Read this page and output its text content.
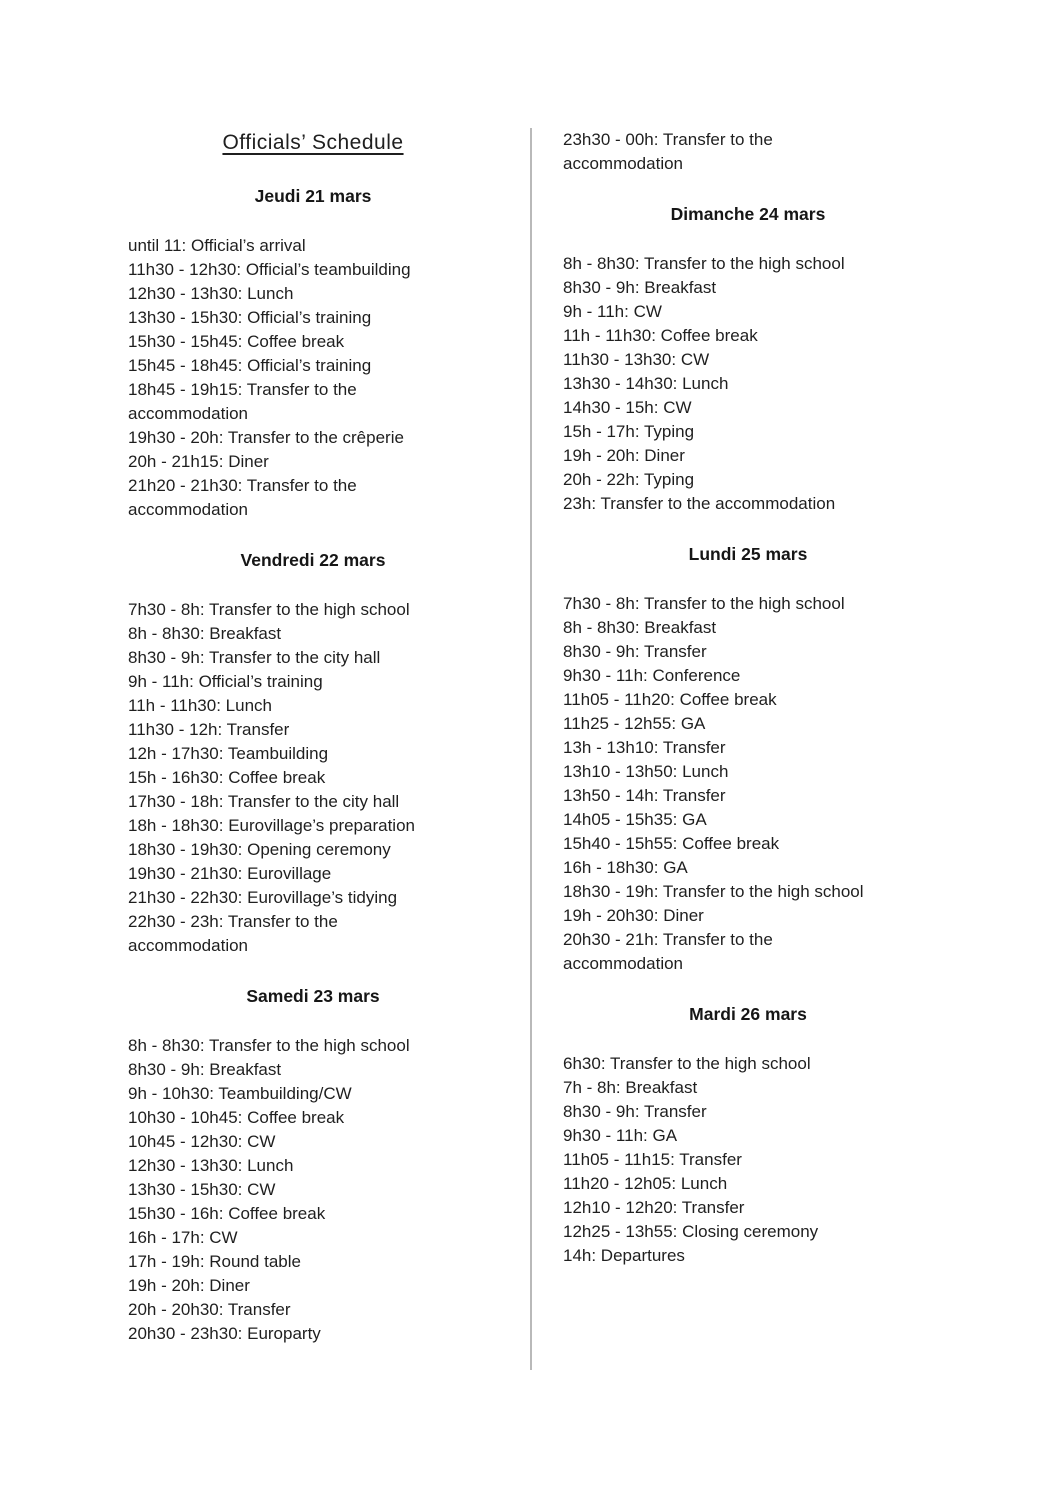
Officials’ Schedule
Jeudi 21 mars
until 11: Official’s arrival
11h30 - 12h30: Official’s teambuilding
12h30 - 13h30: Lunch
13h30 - 15h30: Official’s training
15h30 - 15h45: Coffee break
15h45 - 18h45: Official’s training
18h45 - 19h15: Transfer to the accommodation
19h30 - 20h: Transfer to the crêperie
20h - 21h15: Diner
21h20 - 21h30: Transfer to the accommodation
Vendredi 22 mars
7h30 - 8h: Transfer to the high school
8h - 8h30: Breakfast
8h30 - 9h: Transfer to the city hall
9h - 11h: Official’s training
11h - 11h30: Lunch
11h30 - 12h: Transfer
12h - 17h30: Teambuilding
15h - 16h30: Coffee break
17h30 - 18h: Transfer to the city hall
18h - 18h30: Eurovillage’s preparation
18h30 - 19h30: Opening ceremony
19h30 - 21h30: Eurovillage
21h30 - 22h30: Eurovillage’s tidying
22h30 - 23h: Transfer to the accommodation
Samedi 23 mars
8h - 8h30: Transfer to the high school
8h30 - 9h: Breakfast
9h - 10h30: Teambuilding/CW
10h30 - 10h45: Coffee break
10h45 - 12h30: CW
12h30 - 13h30: Lunch
13h30 - 15h30: CW
15h30 - 16h: Coffee break
16h - 17h: CW
17h - 19h: Round table
19h - 20h: Diner
20h - 20h30: Transfer
20h30 - 23h30: Europarty
23h30 - 00h: Transfer to the accommodation
Dimanche 24 mars
8h - 8h30: Transfer to the high school
8h30 - 9h: Breakfast
9h - 11h: CW
11h - 11h30: Coffee break
11h30 - 13h30: CW
13h30 - 14h30: Lunch
14h30 - 15h: CW
15h - 17h: Typing
19h - 20h: Diner
20h - 22h: Typing
23h: Transfer to the accommodation
Lundi 25 mars
7h30 - 8h: Transfer to the high school
8h - 8h30: Breakfast
8h30 - 9h: Transfer
9h30 - 11h: Conference
11h05 - 11h20: Coffee break
11h25 - 12h55: GA
13h - 13h10: Transfer
13h10 - 13h50: Lunch
13h50 - 14h: Transfer
14h05 - 15h35: GA
15h40 - 15h55: Coffee break
16h - 18h30: GA
18h30 - 19h: Transfer to the high school
19h - 20h30: Diner
20h30 - 21h: Transfer to the accommodation
Mardi 26 mars
6h30: Transfer to the high school
7h - 8h: Breakfast
8h30 - 9h: Transfer
9h30 - 11h: GA
11h05 - 11h15: Transfer
11h20 - 12h05: Lunch
12h10 - 12h20: Transfer
12h25 - 13h55: Closing ceremony
14h: Departures
